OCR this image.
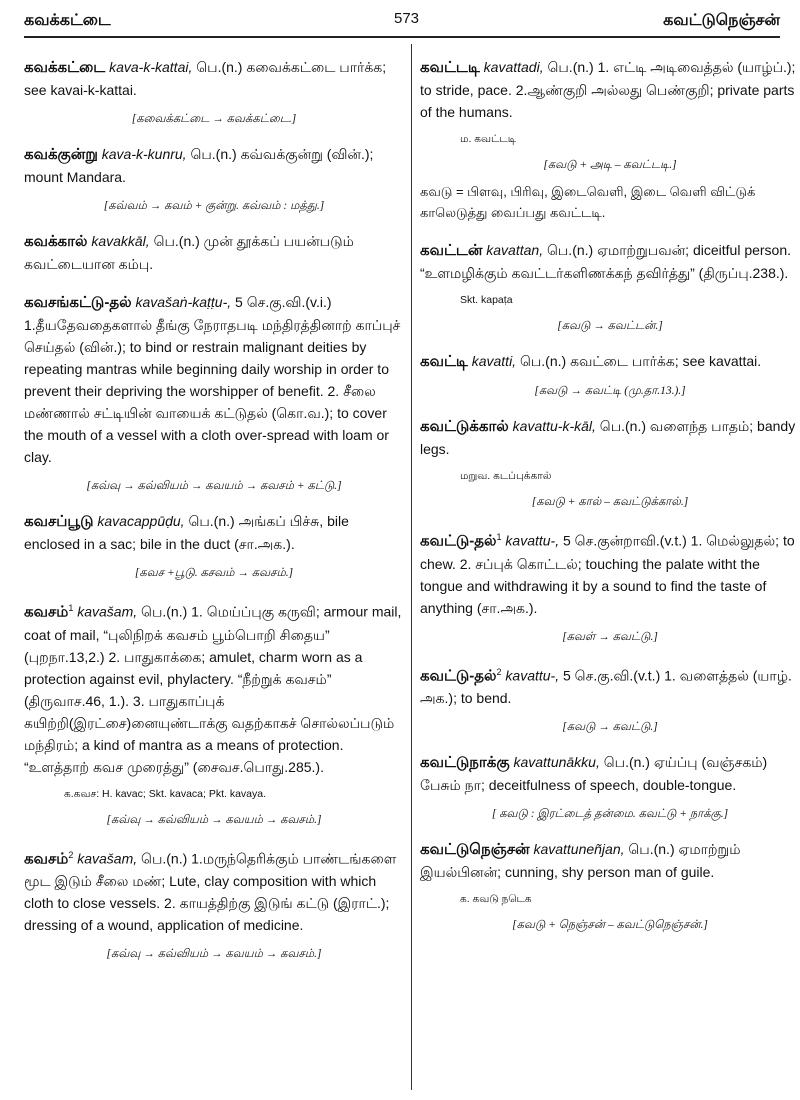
கவக்கட்டை	573	கவட்டுநெஞ்சன்

கவக்கட்டை kava-k-kattai, பெ.(n.) கவைக்கட்டை பார்க்க; see kavai-k-kattai.

[கவைக்கட்டை → கவக்கட்டை.]

கவக்குன்று kava-k-kunru, பெ.(n.) கவ்வக்குன்று (வின்.); mount Mandara.

[கவ்வம் → கவம் + குன்று. கவ்வம் : மத்து.]

கவக்கால் kavakkāl, பெ.(n.) முன் தூக்கப் பயன்படும் கவட்டையான கம்பு.

கவசங்கட்டு-தல் kavašaṅ-kaṭṭu-, 5 செ.கு.வி.(v.i.) 1.தீயதேவதைகளால் தீங்கு நேராதபடி மந்திரத்தினாற் காப்புச் செய்தல் (வின்.); to bind or restrain malignant deities by repeating mantras while beginning daily worship in order to prevent their depriving the worshipper of benefit. 2. சீலை மண்ணால் சட்டியின் வாயைக் கட்டுதல் (கொ.வ.); to cover the mouth of a vessel with a cloth over-spread with loam or clay.

[கவ்வு → கவ்வியம் → கவயம் → கவசம் + கட்டு.]

கவசப்பூடு kavacappūḍu, பெ.(n.) அங்கப் பிச்சு, bile enclosed in a sac; bile in the duct (சா.அக.).

[கவச +பூடு. கசவம் → கவசம்.]

கவசம்$^1$ kavašam, பெ.(n.) 1. மெய்ப்புகு கருவி; armour mail, coat of mail, “புலிநிறக் கவசம் பூம்பொறி சிதைய” (புறநா.13,2.) 2. பாதுகாக்கை; amulet, charm worn as a protection against evil, phylactery. “நீற்றுக் கவசம்” (திருவாச.46, 1.). 3. பாதுகாப்புக் கயிற்றி(இரட்சை)னையுண்டாக்கு வதற்காகச் சொல்லப்படும் மந்திரம்; a kind of mantra as a means of protection. “உளத்தாற் கவச முரைத்து” (சைவச.பொது.285.).

க.கவச: H. kavac; Skt. kavaca; Pkt. kavaya.
[கவ்வு → கவ்வியம் → கவயம் → கவசம்.]

கவசம்$^2$ kavašam, பெ.(n.) 1.மருந்தெரிக்கும் பாண்டங்களை மூட இடும் சீலை மண்; Lute, clay composition with which cloth to close vessels. 2. காயத்திற்கு இடுங் கட்டு (இராட்.); dressing of a wound, application of medicine.

[கவ்வு → கவ்வியம் → கவயம் → கவசம்.]

கவட்டடி kavattadi, பெ.(n.) 1. எட்டி அடிவைத்தல் (யாழ்ப்.); to stride, pace. 2.ஆண்குறி அல்லது பெண்குறி; private parts of the humans.

ம. கவட்டடி
[கவடு + அடி – கவட்டடி.]
கவடு = பிளவு, பிரிவு, இடைவெளி, இடை வெளி விட்டுக் காலெடுத்து வைப்பது கவட்டடி.

கவட்டன் kavattan, பெ.(n.) ஏமாற்றுபவன்; diceitful person. “உளமழிக்கும் கவட்டர்களிணக்கந் தவிர்த்து” (திருப்பு.238.).

Skt. kapaṭa
[கவடு → கவட்டன்.]

கவட்டி kavatti, பெ.(n.) கவட்டை பார்க்க; see kavattai.

[கவடு → கவட்டி (மு.தா.13.).]

கவட்டுக்கால் kavattu-k-kāl, பெ.(n.) வளைந்த பாதம்; bandy legs.

மறுவ. கடப்புக்கால்
[கவடு + கால் – கவட்டுக்கால்.]

கவட்டு-தல்$^1$ kavattu-, 5 செ.குன்றாவி.(v.t.) 1. மெல்லுதல்; to chew. 2. சப்புக் கொட்டல்; touching the palate witht the tongue and withdrawing it by a sound to find the taste of anything (சா.அக.).

[கவள் → கவட்டு.]

கவட்டு-தல்$^2$ kavattu-, 5 செ.கு.வி.(v.t.) 1. வளைத்தல் (யாழ். அக.); to bend.

[கவடு → கவட்டு.]

கவட்டுநாக்கு kavattunākku, பெ.(n.) ஏய்ப்பு (வஞ்சகம்) பேசும் நா; deceitfulness of speech, double-tongue.

[ கவடு : இரட்டைத் தன்மை. கவட்டு + நாக்கு.]

கவட்டுநெஞ்சன் kavattuneñjan, பெ.(n.) ஏமாற்றும் இயல்பினன்; cunning, shy person man of guile.

க. கவடு நடெக
[கவடு + நெஞ்சன் – கவட்டுநெஞ்சன்.]
